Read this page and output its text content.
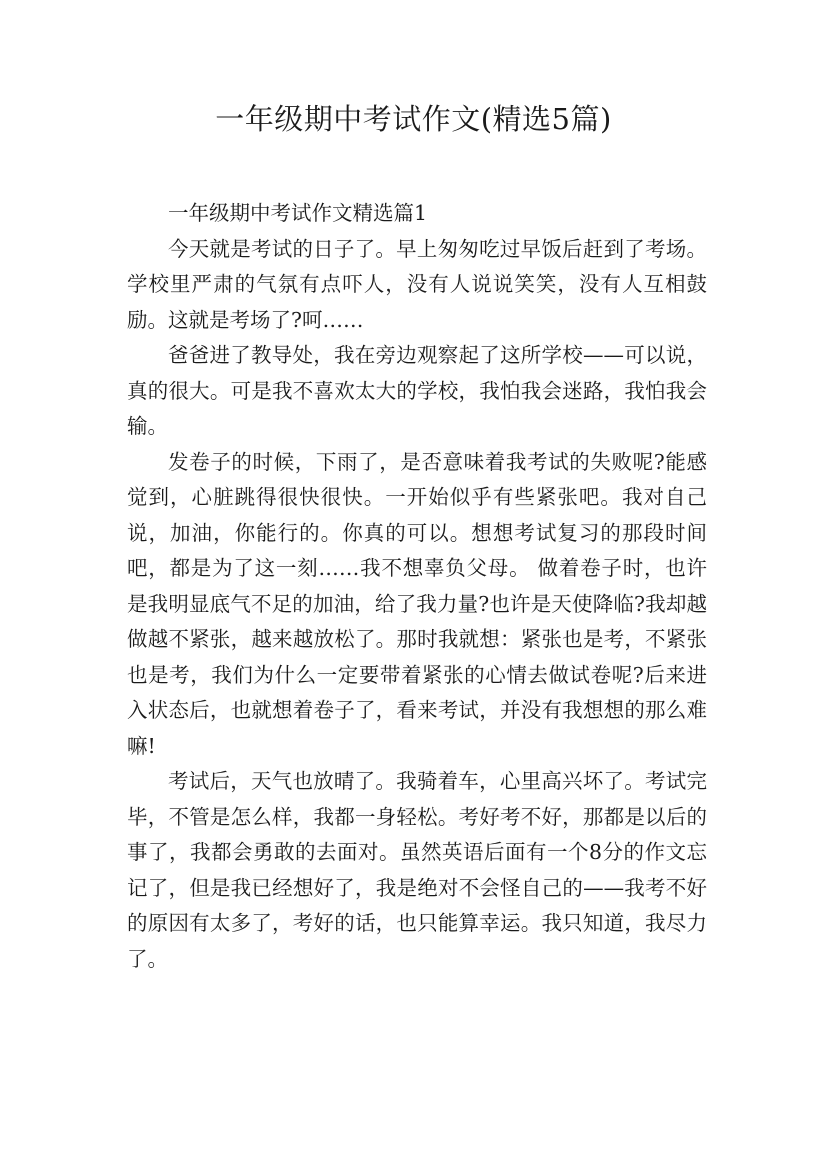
一年级期中考试作文(精选5篇)

一年级期中考试作文精选篇1

今天就是考试的日子了。早上匆匆吃过早饭后赶到了考场。学校里严肃的气氛有点吓人，没有人说说笑笑，没有人互相鼓励。这就是考场了?呵……

爸爸进了教导处，我在旁边观察起了这所学校——可以说，真的很大。可是我不喜欢太大的学校，我怕我会迷路，我怕我会输。

发卷子的时候，下雨了，是否意味着我考试的失败呢?能感觉到，心脏跳得很快很快。一开始似乎有些紧张吧。我对自己说，加油，你能行的。你真的可以。想想考试复习的那段时间吧，都是为了这一刻……我不想辜负父母。 做着卷子时，也许是我明显底气不足的加油，给了我力量?也许是天使降临?我却越做越不紧张，越来越放松了。那时我就想：紧张也是考，不紧张也是考，我们为什么一定要带着紧张的心情去做试卷呢?后来进入状态后，也就想着卷子了，看来考试，并没有我想想的那么难嘛!

考试后，天气也放晴了。我骑着车，心里高兴坏了。考试完毕，不管是怎么样，我都一身轻松。考好考不好，那都是以后的事了，我都会勇敢的去面对。虽然英语后面有一个8分的作文忘记了，但是我已经想好了，我是绝对不会怪自己的——我考不好的原因有太多了，考好的话，也只能算幸运。我只知道，我尽力了。
